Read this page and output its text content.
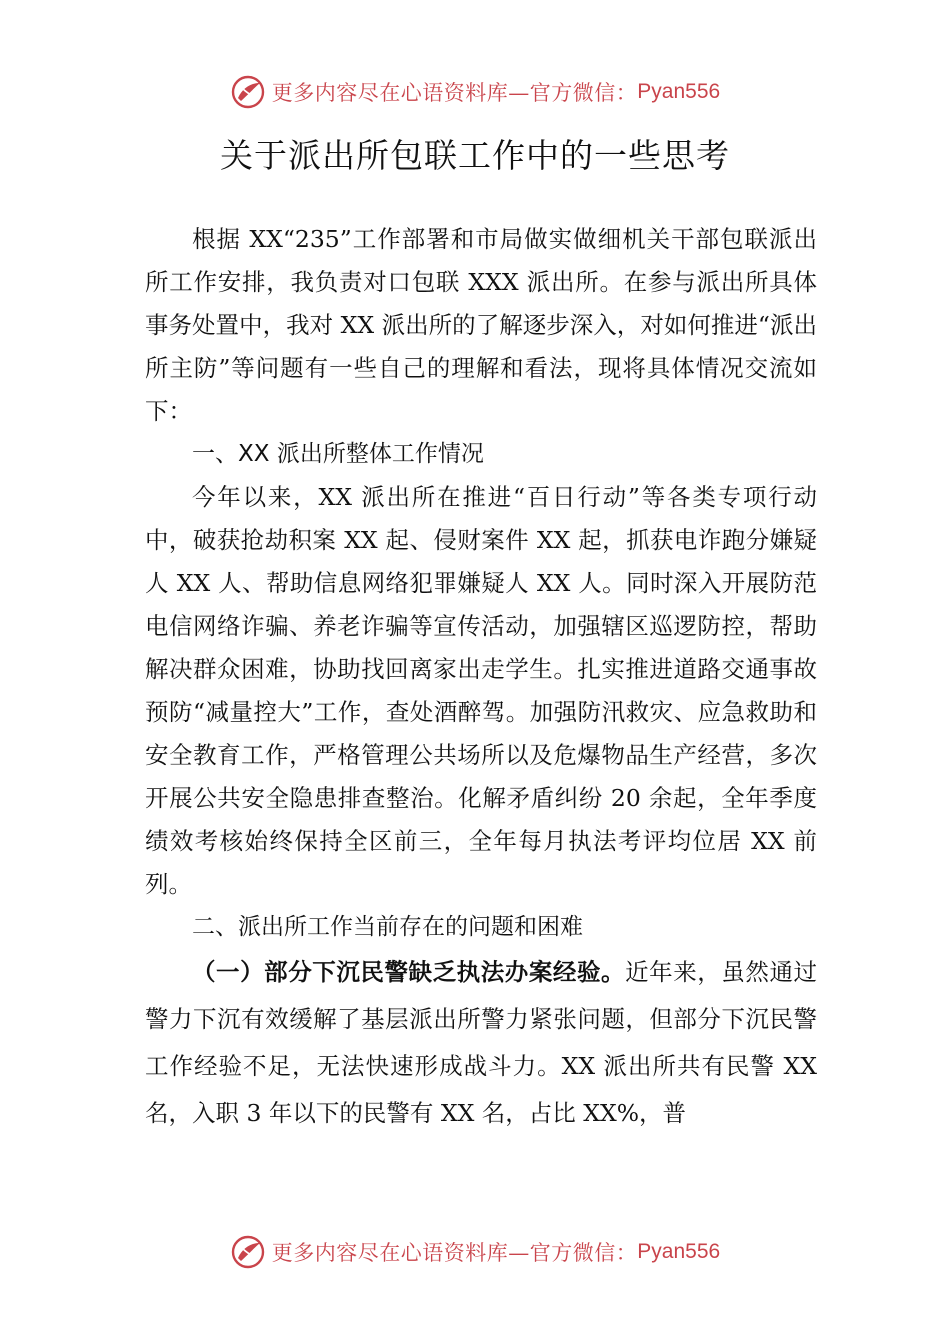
更多内容尽在心语资料库—官方微信： Pyan556
关于派出所包联工作中的一些思考

根据 XX“235”工作部署和市局做实做细机关干部包联派出所工作安排，我负责对口包联 XXX 派出所。在参与派出所具体事务处置中，我对 XX 派出所的了解逐步深入，对如何推进“派出所主防”等问题有一些自己的理解和看法，现将具体情况交流如下：

一、XX 派出所整体工作情况

今年以来，XX 派出所在推进“百日行动”等各类专项行动中，破获抢劫积案 XX 起、侵财案件 XX 起，抓获电诈跑分嫌疑人 XX 人、帮助信息网络犯罪嫌疑人 XX 人。同时深入开展防范电信网络诈骗、养老诈骗等宣传活动，加强辖区巡逻防控，帮助解决群众困难，协助找回离家出走学生。扎实推进道路交通事故预防“减量控大”工作，查处酒醉驾。加强防汛救灾、应急救助和安全教育工作，严格管理公共场所以及危爆物品生产经营，多次开展公共安全隐患排查整治。化解矛盾纠纷 20 余起，全年季度绩效考核始终保持全区前三，全年每月执法考评均位居 XX 前列。

二、派出所工作当前存在的问题和困难

（一）部分下沉民警缺乏执法办案经验。近年来，虽然通过警力下沉有效缓解了基层派出所警力紧张问题，但部分下沉民警工作经验不足，无法快速形成战斗力。XX 派出所共有民警 XX 名，入职 3 年以下的民警有 XX 名，占比 XX%，普

更多内容尽在心语资料库—官方微信： Pyan556
